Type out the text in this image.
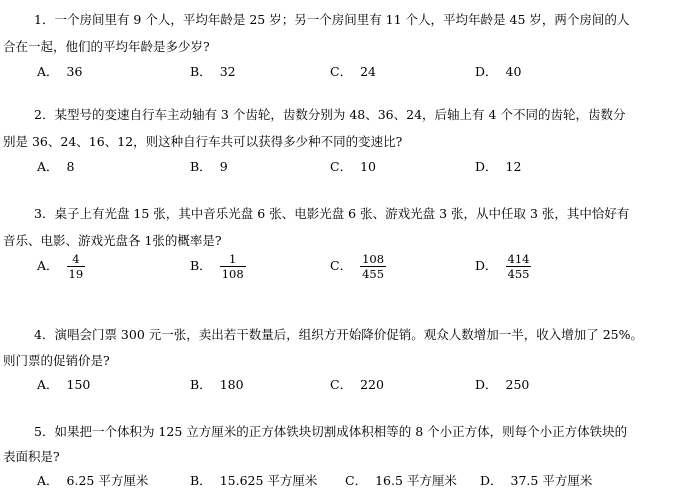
1．一个房间里有 9 个人，平均年龄是 25 岁；另一个房间里有 11 个人，平均年龄是 45 岁，两个房间的人
合在一起，他们的平均年龄是多少岁?
A． 36	B． 32	C． 24	D． 40
2．某型号的变速自行车主动轴有 3 个齿轮，齿数分别为 48、36、24，后轴上有 4 个不同的齿轮，齿数分
别是 36、24、16、12，则这种自行车共可以获得多少种不同的变速比?
A． 8	B． 9	C． 10	D． 12
3．桌子上有光盘 15 张，其中音乐光盘 6 张、电影光盘 6 张、游戏光盘 3 张，从中任取 3 张，其中恰好有
音乐、电影、游戏光盘各 1张的概率是?
A． $\frac{4}{19}$	B． $\frac{1}{108}$	C． $\frac{108}{455}$	D． $\frac{414}{455}$
4．演唱会门票 300 元一张，卖出若干数量后，组织方开始降价促销。观众人数增加一半，收入增加了 25%。
则门票的促销价是?
A． 150	B． 180	C． 220	D． 250
5．如果把一个体积为 125 立方厘米的正方体铁块切割成体积相等的 8 个小正方体，则每个小正方体铁块的
表面积是?
A． 6.25 平方厘米	B． 15.625 平方厘米 C． 16.5 平方厘米 D． 37.5 平方厘米
